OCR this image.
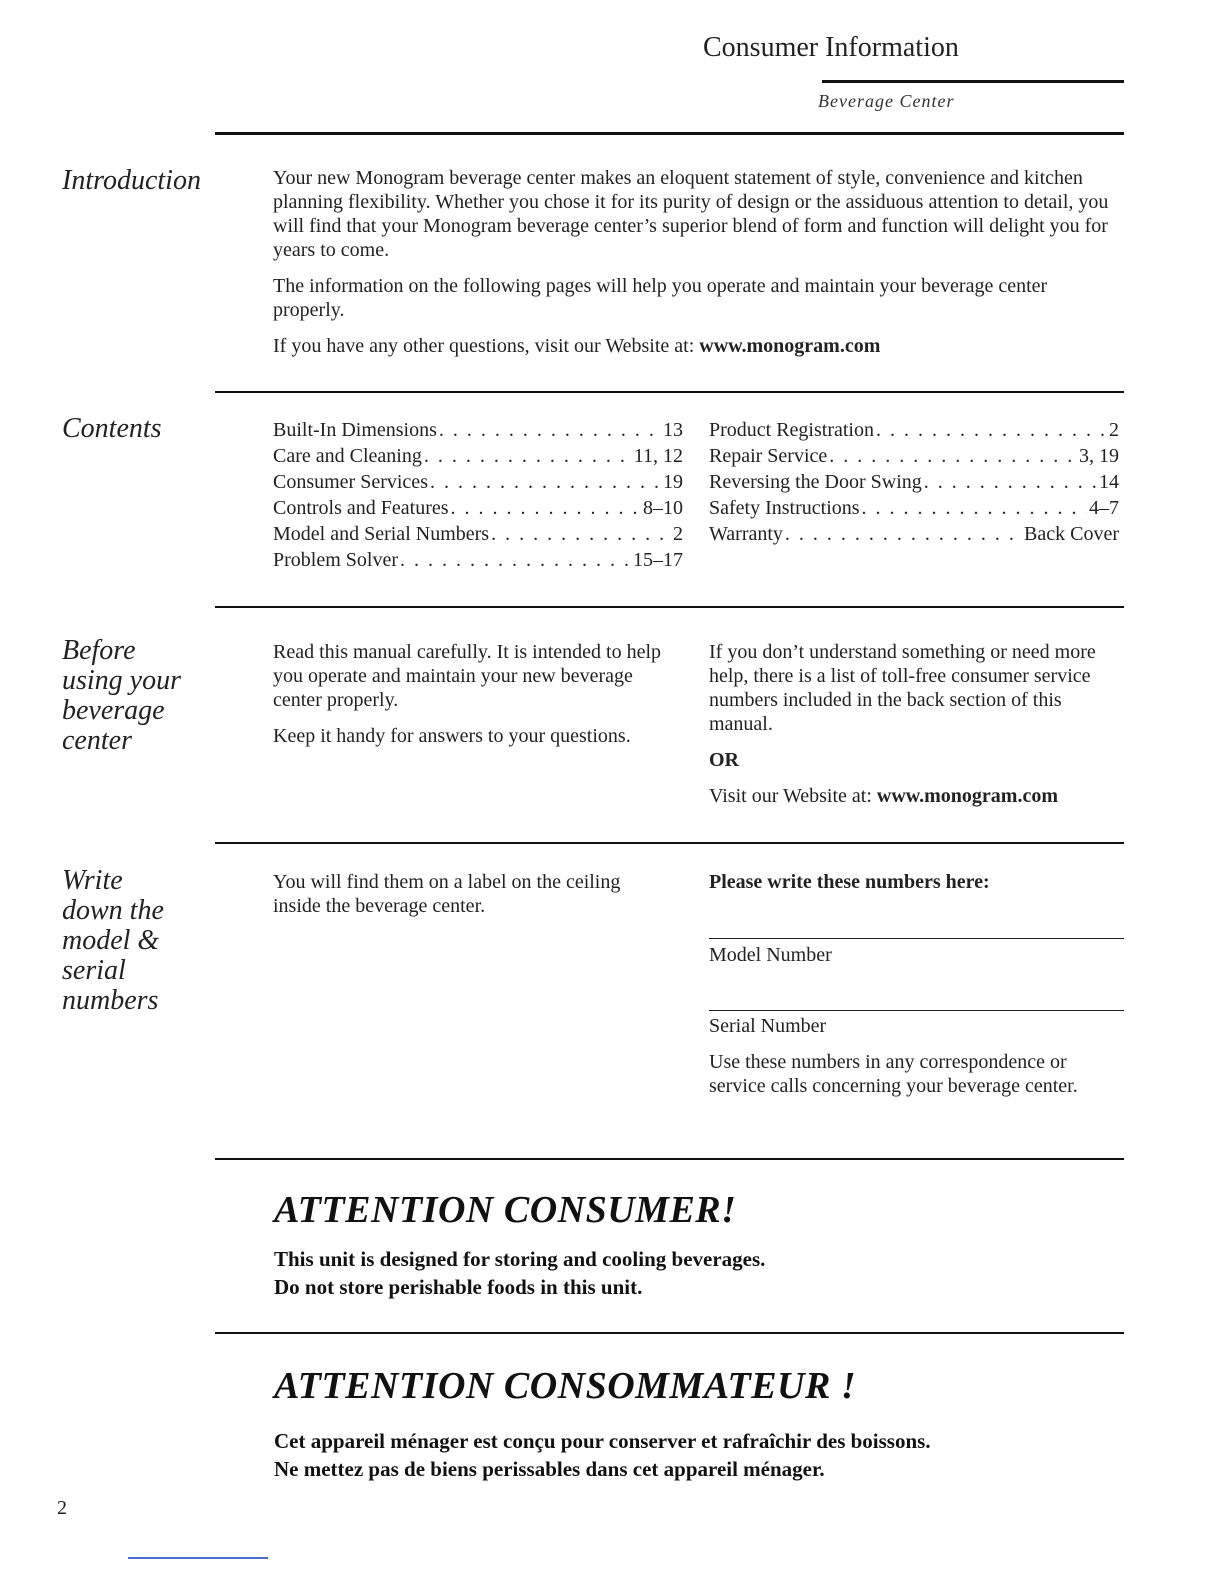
Consumer Information
Beverage Center
Introduction	Your new Monogram beverage center makes an eloquent statement of style, convenience and kitchen planning flexibility. Whether you chose it for its purity of design or the assiduous attention to detail, you will find that your Monogram beverage center’s superior blend of form and function will delight you for years to come.

The information on the following pages will help you operate and maintain your beverage center properly.

If you have any other questions, visit our Website at: www.monogram.com

Contents	Built-In Dimensions . . .	13
Care and Cleaning . . .	11, 12
Consumer Services . . .	19
Controls and Features . . .	8–10
Model and Serial Numbers . . .	2
Problem Solver . . .	15–17
Product Registration . . .	2
Repair Service . . .	3, 19
Reversing the Door Swing . . .	14
Safety Instructions . . .	4–7
Warranty . . .	Back Cover
Before
using your
beverage
center

Read this manual carefully. It is intended to help you operate and maintain your new beverage center properly.

Keep it handy for answers to your questions.

If you don’t understand something or need more help, there is a list of toll-free consumer service numbers included in the back section of this manual.

OR

Visit our Website at: www.monogram.com

Write
down the
model &
serial
numbers

You will find them on a label on the ceiling inside the beverage center.

Please write these numbers here:

Model Number

Serial Number

Use these numbers in any correspondence or service calls concerning your beverage center.

ATTENTION CONSUMER!
This unit is designed for storing and cooling beverages.
Do not store perishable foods in this unit.
ATTENTION CONSOMMATEUR !
Cet appareil ménager est conçu pour conserver et rafraîchir des boissons.
Ne mettez pas de biens perissables dans cet appareil ménager.
2
